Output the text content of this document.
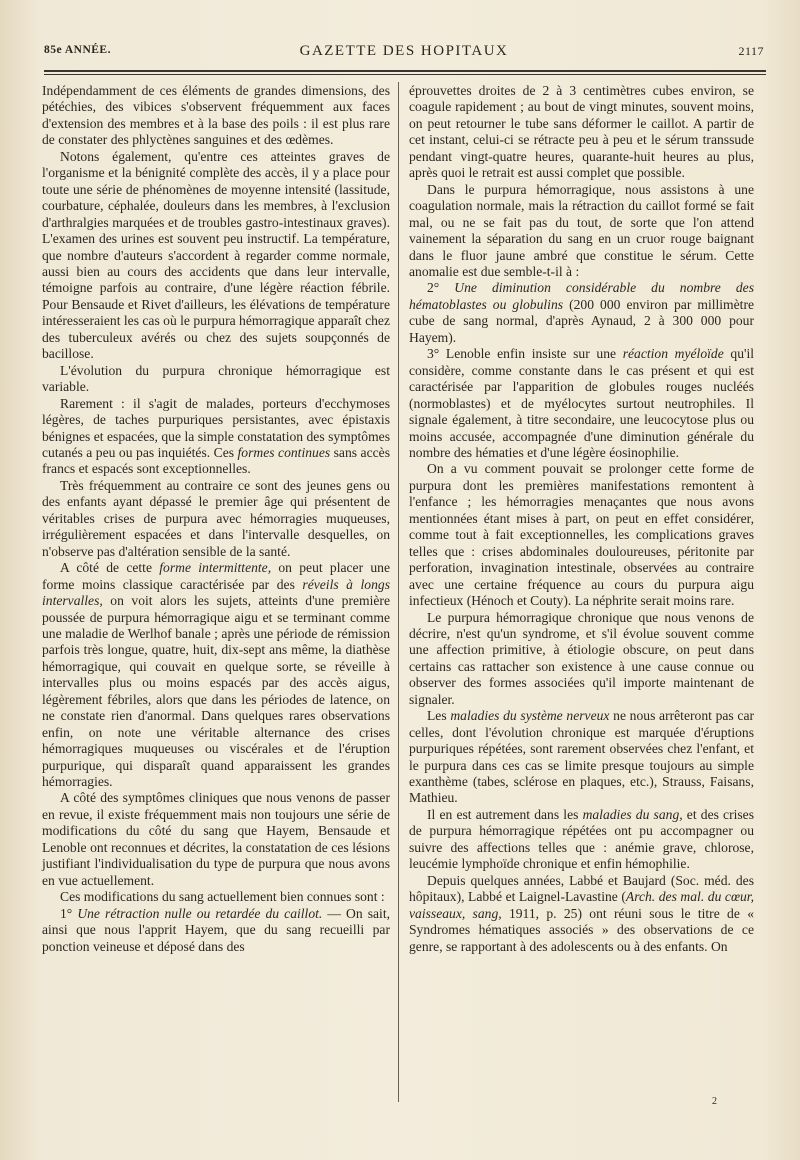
85e ANNÉE.	GAZETTE DES HOPITAUX	2117

Indépendamment de ces éléments de grandes dimensions, des pétéchies, des vibices s'observent fréquemment aux faces d'extension des membres et à la base des poils : il est plus rare de constater des phlyctènes sanguines et des œdèmes.

Notons également, qu'entre ces atteintes graves de l'organisme et la bénignité complète des accès, il y a place pour toute une série de phénomènes de moyenne intensité (lassitude, courbature, céphalée, douleurs dans les membres, à l'exclusion d'arthralgies marquées et de troubles gastro-intestinaux graves). L'examen des urines est souvent peu instructif. La température, que nombre d'auteurs s'accordent à regarder comme normale, aussi bien au cours des accidents que dans leur intervalle, témoigne parfois au contraire, d'une légère réaction fébrile. Pour Bensaude et Rivet d'ailleurs, les élévations de température intéresseraient les cas où le purpura hémorragique apparaît chez des tuberculeux avérés ou chez des sujets soupçonnés de bacillose.

L'évolution du purpura chronique hémorragique est variable.

Rarement : il s'agit de malades, porteurs d'ecchymoses légères, de taches purpuriques persistantes, avec épistaxis bénignes et espacées, que la simple constatation des symptômes cutanés a peu ou pas inquiétés. Ces formes continues sans accès francs et espacés sont exceptionnelles.

Très fréquemment au contraire ce sont des jeunes gens ou des enfants ayant dépassé le premier âge qui présentent de véritables crises de purpura avec hémorragies muqueuses, irrégulièrement espacées et dans l'intervalle desquelles, on n'observe pas d'altération sensible de la santé.

A côté de cette forme intermittente, on peut placer une forme moins classique caractérisée par des réveils à longs intervalles, on voit alors les sujets, atteints d'une première poussée de purpura hémorragique aigu et se terminant comme une maladie de Werlhof banale ; après une période de rémission parfois très longue, quatre, huit, dix-sept ans même, la diathèse hémorragique, qui couvait en quelque sorte, se réveille à intervalles plus ou moins espacés par des accès aigus, légèrement fébriles, alors que dans les périodes de latence, on ne constate rien d'anormal. Dans quelques rares observations enfin, on note une véritable alternance des crises hémorragiques muqueuses ou viscérales et de l'éruption purpurique, qui disparaît quand apparaissent les grandes hémorragies.

A côté des symptômes cliniques que nous venons de passer en revue, il existe fréquemment mais non toujours une série de modifications du côté du sang que Hayem, Bensaude et Lenoble ont reconnues et décrites, la constatation de ces lésions justifiant l'individualisation du type de purpura que nous avons en vue actuellement.

Ces modifications du sang actuellement bien connues sont :

1° Une rétraction nulle ou retardée du caillot. — On sait, ainsi que nous l'apprit Hayem, que du sang recueilli par ponction veineuse et déposé dans des

éprouvettes droites de 2 à 3 centimètres cubes environ, se coagule rapidement ; au bout de vingt minutes, souvent moins, on peut retourner le tube sans déformer le caillot. A partir de cet instant, celui-ci se rétracte peu à peu et le sérum transsude pendant vingt-quatre heures, quarante-huit heures au plus, après quoi le retrait est aussi complet que possible.

Dans le purpura hémorragique, nous assistons à une coagulation normale, mais la rétraction du caillot formé se fait mal, ou ne se fait pas du tout, de sorte que l'on attend vainement la séparation du sang en un cruor rouge baignant dans le fluor jaune ambré que constitue le sérum. Cette anomalie est due semble-t-il à :

2° Une diminution considérable du nombre des hématoblastes ou globulins (200 000 environ par millimètre cube de sang normal, d'après Aynaud, 2 à 300 000 pour Hayem).

3° Lenoble enfin insiste sur une réaction myéloïde qu'il considère, comme constante dans le cas présent et qui est caractérisée par l'apparition de globules rouges nucléés (normoblastes) et de myélocytes surtout neutrophiles. Il signale également, à titre secondaire, une leucocytose plus ou moins accusée, accompagnée d'une diminution générale du nombre des hématies et d'une légère éosinophilie.

On a vu comment pouvait se prolonger cette forme de purpura dont les premières manifestations remontent à l'enfance ; les hémorragies menaçantes que nous avons mentionnées étant mises à part, on peut en effet considérer, comme tout à fait exceptionnelles, les complications graves telles que : crises abdominales douloureuses, péritonite par perforation, invagination intestinale, observées au contraire avec une certaine fréquence au cours du purpura aigu infectieux (Hénoch et Couty). La néphrite serait moins rare.

Le purpura hémorragique chronique que nous venons de décrire, n'est qu'un syndrome, et s'il évolue souvent comme une affection primitive, à étiologie obscure, on peut dans certains cas rattacher son existence à une cause connue ou observer des formes associées qu'il importe maintenant de signaler.

Les maladies du système nerveux ne nous arrêteront pas car celles, dont l'évolution chronique est marquée d'éruptions purpuriques répétées, sont rarement observées chez l'enfant, et le purpura dans ces cas se limite presque toujours au simple exanthème (tabes, sclérose en plaques, etc.), Strauss, Faisans, Mathieu.

Il en est autrement dans les maladies du sang, et des crises de purpura hémorragique répétées ont pu accompagner ou suivre des affections telles que : anémie grave, chlorose, leucémie lymphoïde chronique et enfin hémophilie.

Depuis quelques années, Labbé et Baujard (Soc. méd. des hôpitaux), Labbé et Laignel-Lavastine (Arch. des mal. du cœur, vaisseaux, sang, 1911, p. 25) ont réuni sous le titre de « Syndromes hématiques associés » des observations de ce genre, se rapportant à des adolescents ou à des enfants. On

2
